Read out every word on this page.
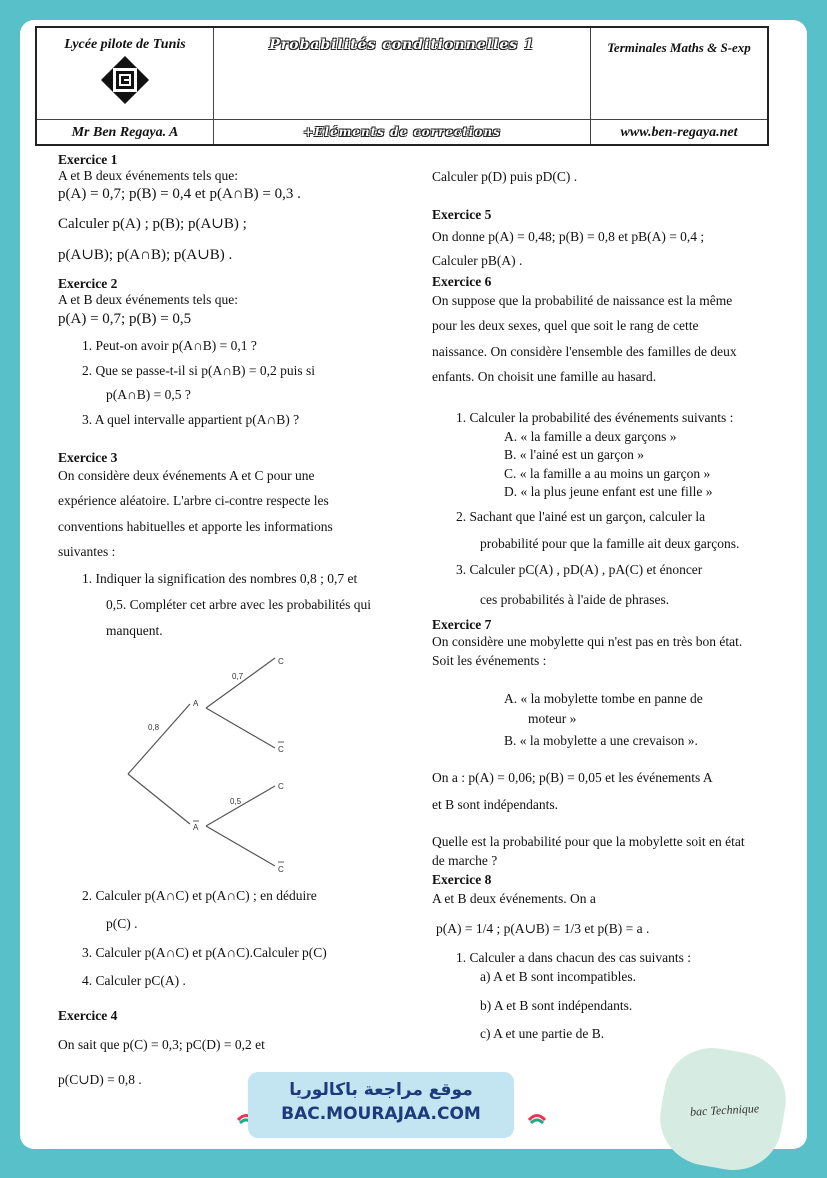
Lycée pilote de Tunis	Probabilités conditionnelles 1	Terminales Maths & S-exp

Mr Ben Regaya. A	+Eléments de corrections	www.ben-regaya.net
Exercice 1
A et B deux événements tels que:
p(A) = 0,7; p(B) = 0,4 et p(A∩B) = 0,3 .
Calculer p(A) ; p(B); p(A∪B) ;
p(A∪B); p(A∩B); p(A∪B) .
Exercice 2
A et B deux événements tels que:
p(A) = 0,7; p(B) = 0,5
1. Peut-on avoir p(A∩B) = 0,1 ?
2. Que se passe-t-il si p(A∩B) = 0,2 puis si
p(A∩B) = 0,5 ?
3. A quel intervalle appartient p(A∩B) ?
Exercice 3
On considère deux événements A et C pour une
expérience aléatoire. L'arbre ci-contre respecte les
conventions habituelles et apporte les informations
suivantes :
1. Indiquer la signification des nombres 0,8 ; 0,7 et
0,5. Compléter cet arbre avec les probabilités qui
manquent.
0,8
0,7
0,5
A
A
C
C
C
C
2. Calculer p(A∩C) et p(A∩C) ; en déduire
p(C) .
3. Calculer p(A∩C) et p(A∩C).Calculer p(C)
4. Calculer pC(A) .
Exercice 4
On sait que p(C) = 0,3; pC(D) = 0,2 et
p(C∪D) = 0,8 .
Calculer p(D) puis pD(C) .
Exercice 5
On donne p(A) = 0,48; p(B) = 0,8 et pB(A) = 0,4 ;
Calculer pB(A) .
Exercice 6
On suppose que la probabilité de naissance est la même
pour les deux sexes, quel que soit le rang de cette
naissance. On considère l'ensemble des familles de deux
enfants. On choisit une famille au hasard.
1. Calculer la probabilité des événements suivants :
A. « la famille a deux garçons »
B. « l'ainé est un garçon »
C. « la famille a au moins un garçon »
D. « la plus jeune enfant est une fille »
2. Sachant que l'ainé est un garçon, calculer la
probabilité pour que la famille ait deux garçons.
3. Calculer pC(A) , pD(A) , pA(C) et énoncer
ces probabilités à l'aide de phrases.
Exercice 7
On considère une mobylette qui n'est pas en très bon état.
Soit les événements :
A. « la mobylette tombe en panne de
moteur »
B. « la mobylette a une crevaison ».
On a : p(A) = 0,06; p(B) = 0,05 et les événements A
et B sont indépendants.
Quelle est la probabilité pour que la mobylette soit en état
de marche ?
Exercice 8
A et B deux événements. On a
p(A) = 1/4 ; p(A∪B) = 1/3 et p(B) = a .
1. Calculer a dans chacun des cas suivants :
a) A et B sont incompatibles.
b) A et B sont indépendants.
c) A et une partie de B.
موقع مراجعة باكالوريا
BAC.MOURAJAA.COM	bac Technique
